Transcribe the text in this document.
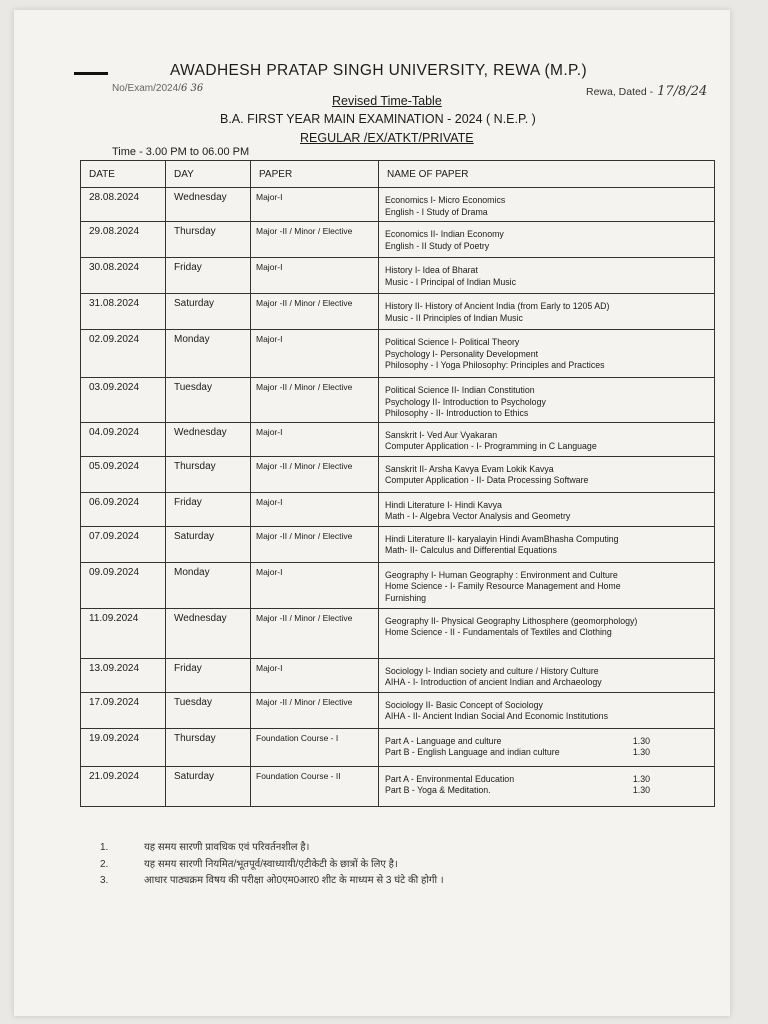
AWADHESH PRATAP SINGH UNIVERSITY, REWA (M.P.)
No/Exam/2024/6 36	Rewa, Dated - 17/8/24
Revised Time-Table
B.A. FIRST YEAR MAIN EXAMINATION - 2024 ( N.E.P. )
REGULAR /EX/ATKT/PRIVATE
Time - 3.00 PM to 06.00 PM
DATE	DAY	PAPER	NAME OF PAPER
28.08.2024	Wednesday	Major-I	Economics I- Micro Economics
English - I Study of Drama

29.08.2024	Thursday	Major -II / Minor / Elective	Economics II- Indian Economy
English - II Study of Poetry

30.08.2024	Friday	Major-I	History I- Idea of Bharat
Music - I Principal of Indian Music

31.08.2024	Saturday	Major -II / Minor / Elective	History II- History of Ancient India (from Early to 1205 AD)
Music - II Principles of Indian Music

02.09.2024	Monday	Major-I	Political Science I- Political Theory
Psychology I- Personality Development
Philosophy - I Yoga Philosophy: Principles and Practices

03.09.2024	Tuesday	Major -II / Minor / Elective	Political Science II- Indian Constitution
Psychology II- Introduction to Psychology
Philosophy - II- Introduction to Ethics

04.09.2024	Wednesday	Major-I	Sanskrit I- Ved Aur Vyakaran
Computer Application - I- Programming in C Language

05.09.2024	Thursday	Major -II / Minor / Elective	Sanskrit II- Arsha Kavya Evam Lokik Kavya
Computer Application - II- Data Processing Software

06.09.2024	Friday	Major-I	Hindi Literature I- Hindi Kavya
Math - I- Algebra Vector Analysis and Geometry

07.09.2024	Saturday	Major -II / Minor / Elective	Hindi Literature II- karyalayin Hindi AvamBhasha Computing
Math- II- Calculus and Differential Equations

09.09.2024	Monday	Major-I	Geography I- Human Geography : Environment and Culture
Home Science - I- Family Resource Management and Home
Furnishing

11.09.2024	Wednesday	Major -II / Minor / Elective	Geography II- Physical Geography Lithosphere (geomorphology)
Home Science - II - Fundamentals of Textiles and Clothing

13.09.2024	Friday	Major-I	Sociology I- Indian society and culture / History Culture
AIHA - I- Introduction of ancient Indian and Archaeology

17.09.2024	Tuesday	Major -II / Minor / Elective	Sociology II- Basic Concept of Sociology
AIHA - II- Ancient Indian Social And Economic Institutions

19.09.2024	Thursday	Foundation Course - I	Part A - Language and culture 1.30
Part B - English Language and indian culture 1.30

21.09.2024	Saturday	Foundation Course - II	Part A - Environmental Education 1.30
Part B - Yoga & Meditation. 1.30
1.	यह समय सारणी प्रावधिक एवं परिवर्तनशील है।
2.	यह समय सारणी नियमित/भूतपूर्व/स्वाध्यायी/एटीकेटी के छात्रों के लिए है।
3.	आधार पाठ्यक्रम विषय की परीक्षा ओ0एम0आर0 शीट के माध्यम से 3 घंटे की होगी ।
